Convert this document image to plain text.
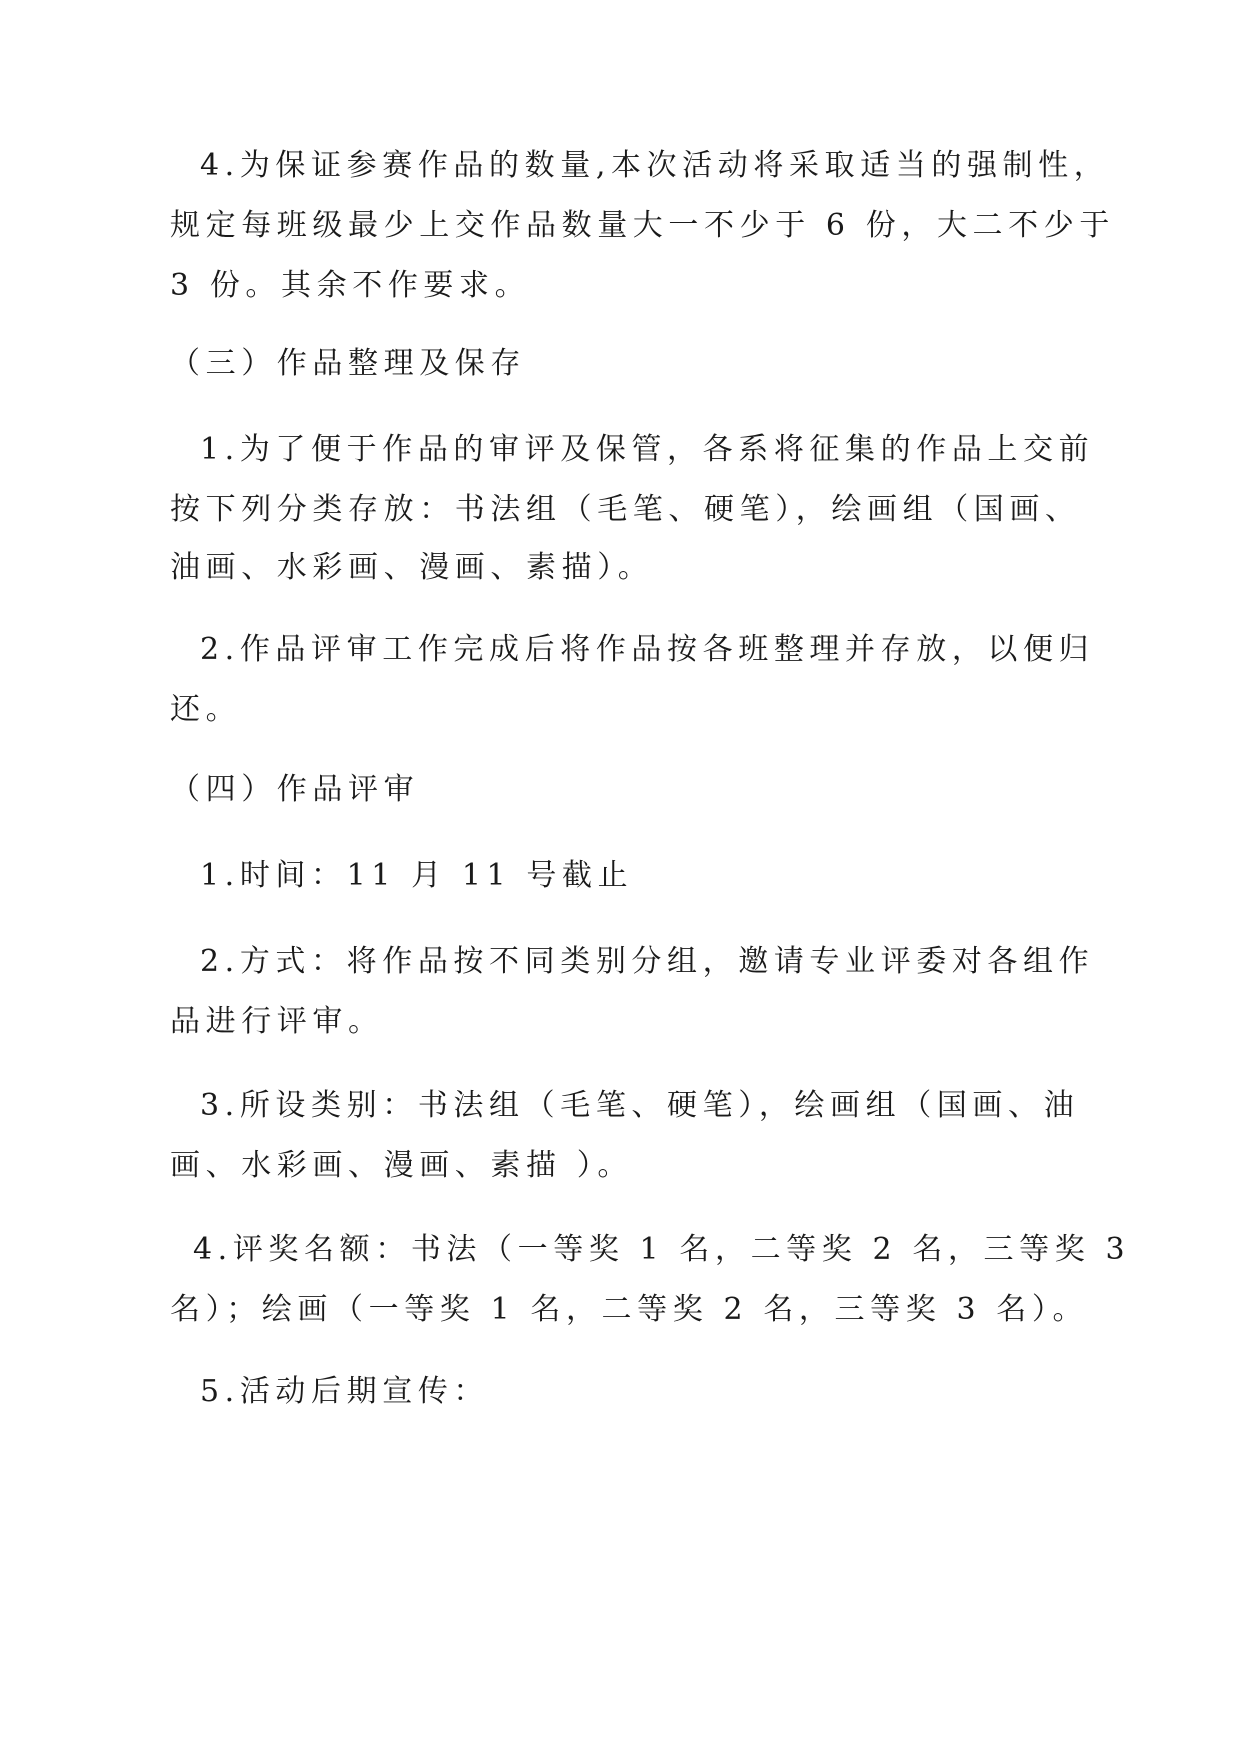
4.为保证参赛作品的数量,本次活动将采取适当的强制性，

规定每班级最少上交作品数量大一不少于 6 份，大二不少于

3 份。其余不作要求。

（三）作品整理及保存

1.为了便于作品的审评及保管，各系将征集的作品上交前

按下列分类存放：书法组（毛笔、硬笔），绘画组（国画、

油画、水彩画、漫画、素描）。

2.作品评审工作完成后将作品按各班整理并存放，以便归

还。

（四）作品评审

1.时间：11 月 11 号截止

2.方式：将作品按不同类别分组，邀请专业评委对各组作

品进行评审。

3.所设类别：书法组（毛笔、硬笔），绘画组（国画、油

画、水彩画、漫画、素描 ）。

4.评奖名额：书法（一等奖 1 名，二等奖 2 名，三等奖 3

名）；绘画（一等奖 1 名，二等奖 2 名，三等奖 3 名）。

5.活动后期宣传：
